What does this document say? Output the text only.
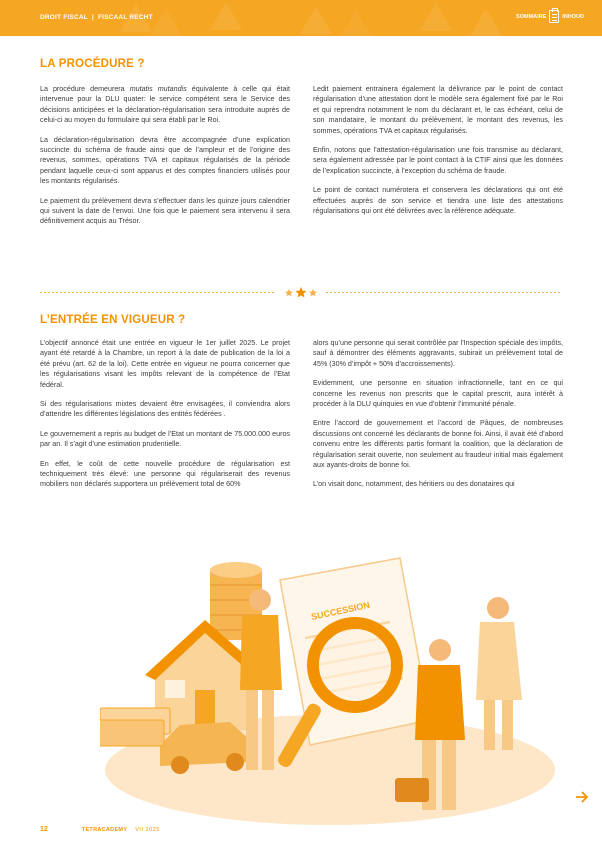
DROIT FISCAL | FISCAAL RECHT	SOMMAIRE	INHOUD
LA PROCÉDURE ?

La procédure demeurera mutatis mutandis équivalente à celle qui était intervenue pour la DLU quater: le service compétent sera le Service des décisions anticipées et la déclaration-régularisation sera introduite auprès de celui-ci au moyen du formulaire qui sera établi par le Roi.

La déclaration-régularisation devra être accompagnée d’une explication succincte du schéma de fraude ainsi que de l’ampleur et de l’origine des revenus, sommes, opérations TVA et capitaux régularisés de la période pendant laquelle ceux-ci sont apparus et des comptes financiers utilisés pour les montants régularisés.

Le paiement du prélèvement devra s’effectuer dans les quinze jours calendrier qui suivent la date de l’envoi. Une fois que le paiement sera intervenu il sera définitivement acquis au Trésor.

Ledit paiement entrainera également la délivrance par le point de contact régularisation d’une attestation dont le modèle sera également fixé par le Roi et qui reprendra notamment le nom du déclarant et, le cas échéant, celui de son mandataire, le montant du prélèvement, le montant des revenus, les sommes, opérations TVA et capitaux régularisés.

Enfin, notons que l’attestation-régularisation une fois transmise au déclarant, sera également adressée par le point contact à la CTIF ainsi que les données de l’explication succincte, à l’exception du schéma de fraude.

Le point de contact numérotera et conservera les déclarations qui ont été effectuées auprès de son service et tiendra une liste des attestations régularisations qui ont été délivrées avec la référence adéquate.

L’ENTRÉE EN VIGUEUR ?

L’objectif annoncé était une entrée en vigueur le 1er juillet 2025. Le projet ayant été retardé à la Chambre, un report à la date de publication de la loi a été prévu (art. 62 de la loi). Cette entrée en vigueur ne pourra concerner que les régularisations visant les impôts relevant de la compétence de l’Etat fédéral.

Si des régularisations mixtes devaient être envisagées, il conviendra alors d’attendre les différentes législations des entités fédérées .

Le gouvernement a repris au budget de l’Etat un montant de 75.000.000 euros par an. Il s’agit d’une estimation prudentielle.

En effet, le coût de cette nouvelle procédure de régularisation est techniquement très élevé: une personne qui régulariserait des revenus mobiliers non déclarés supportera un prélèvement total de 60%

alors qu’une personne qui serait contrôlée par l’Inspection spéciale des impôts, sauf à démontrer des éléments aggravants, subirait un prélèvement total de 45% (30% d’impôt + 50% d’accroissements).

Evidemment, une personne en situation infractionnelle, tant en ce qui concerne les revenus non prescrits que le capital prescrit, aura intérêt à procéder à la DLU quinquies en vue d’obtenir l’immunité pénale.

Entre l’accord de gouvernement et l’accord de Pâques, de nombreuses discussions ont concerné les déclarants de bonne foi. Ainsi, il avait été d’abord convenu entre les différents partis formant la coalition, que la déclaration de régularisation serait ouverte, non seulement au fraudeur initial mais également aux ayants-droits de bonne foi.

L’on visait donc, notamment, des héritiers ou des donataires qui

SUCCESSION
12	TETRACADEMY VII 2025
